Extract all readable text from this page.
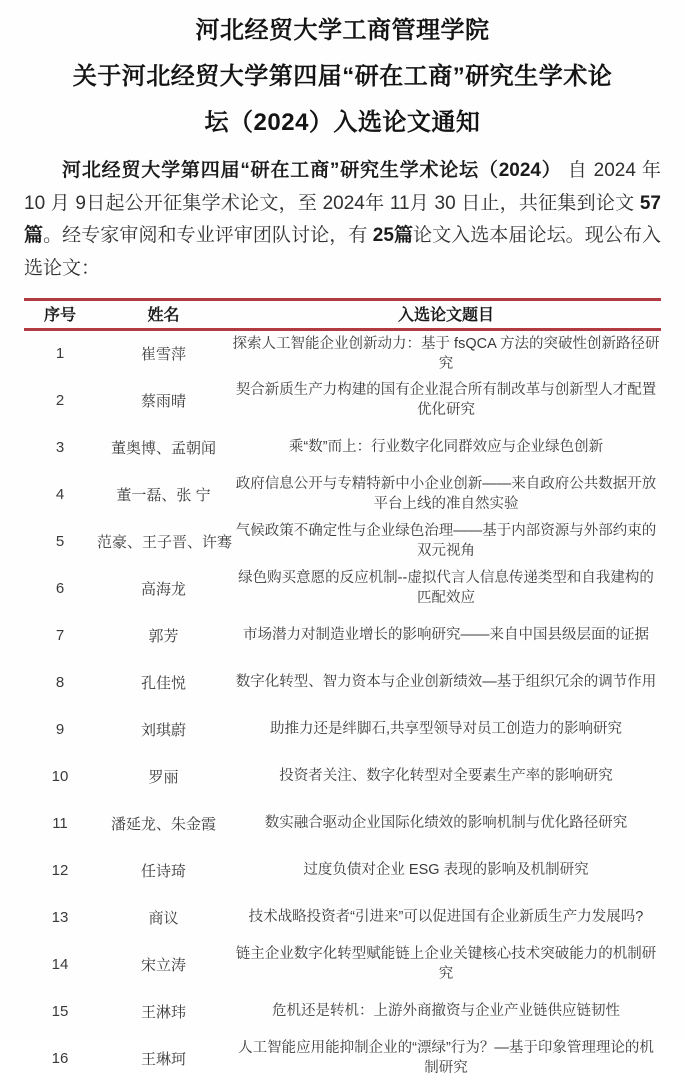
河北经贸大学工商管理学院
关于河北经贸大学第四届“研在工商”研究生学术论
坛（2024）入选论文通知

河北经贸大学第四届“研在工商”研究生学术论坛（2024） 自 2024 年 10 月 9日起公开征集学术论文，至 2024年 11月 30 日止，共征集到论文 57 篇。经专家审阅和专业评审团队讨论，有 25篇论文入选本届论坛。现公布入选论文：

序号	姓名	入选论文题目
1	崔雪萍	探索人工智能企业创新动力：基于 fsQCA 方法的突破性创新路径研究
2	蔡雨晴	契合新质生产力构建的国有企业混合所有制改革与创新型人才配置优化研究
3	董奥博、孟朝闻	乘“数”而上：行业数字化同群效应与企业绿色创新
4	董一磊、张 宁	政府信息公开与专精特新中小企业创新——来自政府公共数据开放平台上线的准自然实验
5	范豪、王子晋、许骞	气候政策不确定性与企业绿色治理——基于内部资源与外部约束的双元视角
6	高海龙	绿色购买意愿的反应机制--虚拟代言人信息传递类型和自我建构的匹配效应
7	郭芳	市场潜力对制造业增长的影响研究——来自中国县级层面的证据
8	孔佳悦	数字化转型、智力资本与企业创新绩效—基于组织冗余的调节作用
9	刘琪蔚	助推力还是绊脚石,共享型领导对员工创造力的影响研究
10	罗丽	投资者关注、数字化转型对全要素生产率的影响研究
11	潘延龙、朱金霞	数实融合驱动企业国际化绩效的影响机制与优化路径研究
12	任诗琦	过度负债对企业 ESG 表现的影响及机制研究
13	商议	技术战略投资者“引进来”可以促进国有企业新质生产力发展吗?
14	宋立涛	链主企业数字化转型赋能链上企业关键核心技术突破能力的机制研究
15	王淋玮	危机还是转机：上游外商撤资与企业产业链供应链韧性
16	王琳珂	人工智能应用能抑制企业的“漂绿”行为？—基于印象管理理论的机制研究
